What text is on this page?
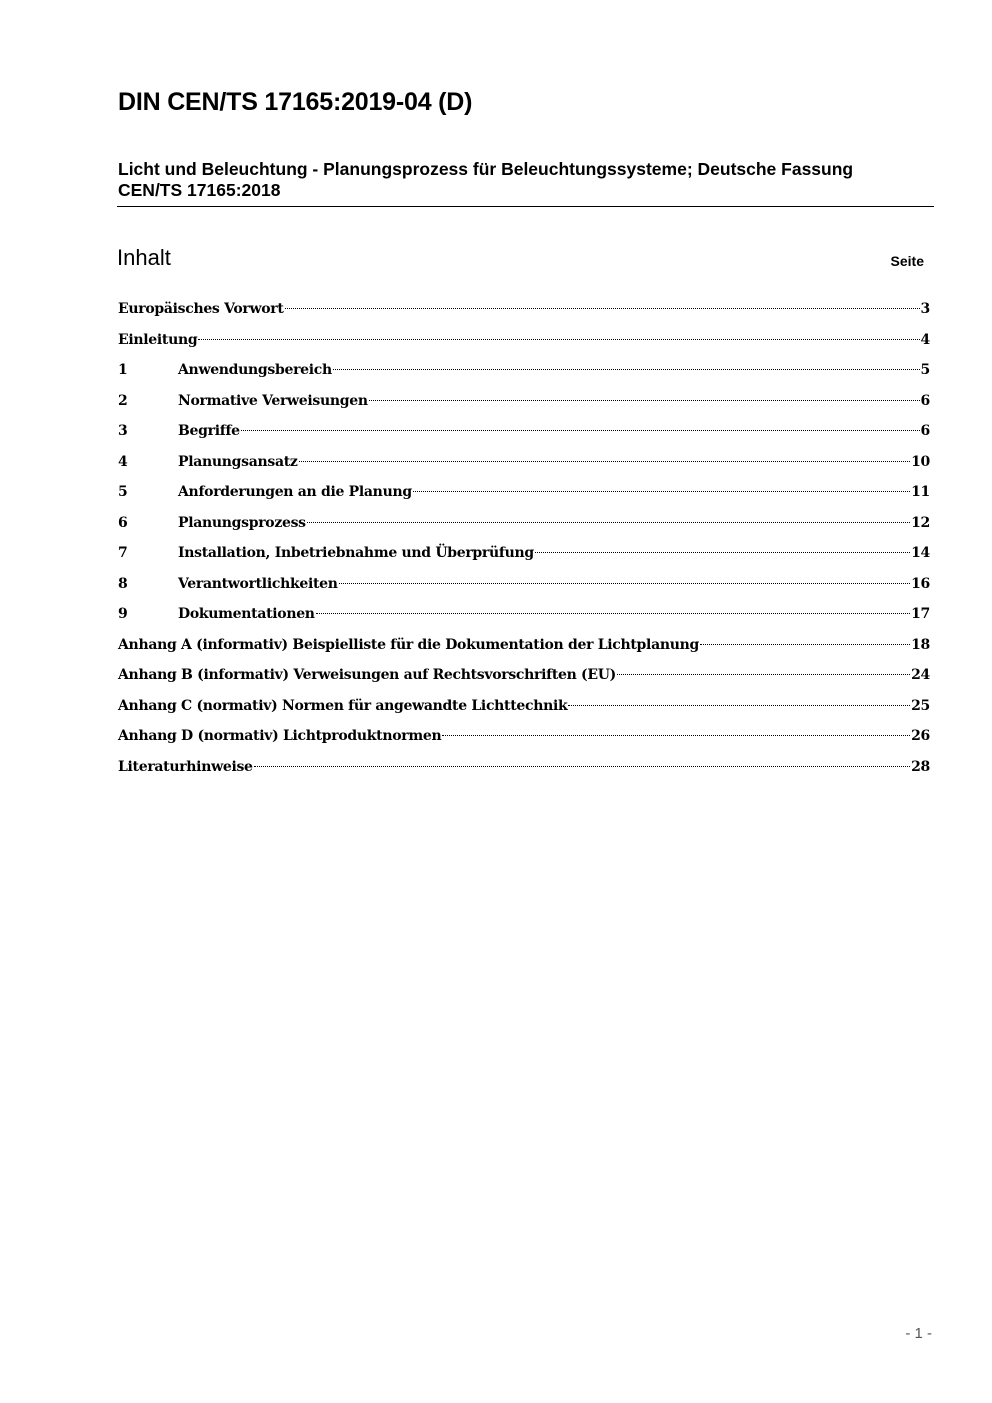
DIN CEN/TS 17165:2019-04 (D)
Licht und Beleuchtung - Planungsprozess für Beleuchtungssysteme; Deutsche Fassung CEN/TS 17165:2018
Inhalt	Seite
Europäisches Vorwort	3
Einleitung	4
1	Anwendungsbereich	5
2	Normative Verweisungen	6
3	Begriffe	6
4	Planungsansatz	10
5	Anforderungen an die Planung	11
6	Planungsprozess	12
7	Installation, Inbetriebnahme und Überprüfung	14
8	Verantwortlichkeiten	16
9	Dokumentationen	17
Anhang A (informativ) Beispielliste für die Dokumentation der Lichtplanung	18
Anhang B (informativ) Verweisungen auf Rechtsvorschriften (EU)	24
Anhang C (normativ) Normen für angewandte Lichttechnik	25
Anhang D (normativ) Lichtproduktnormen	26
Literaturhinweise	28
- 1 -
